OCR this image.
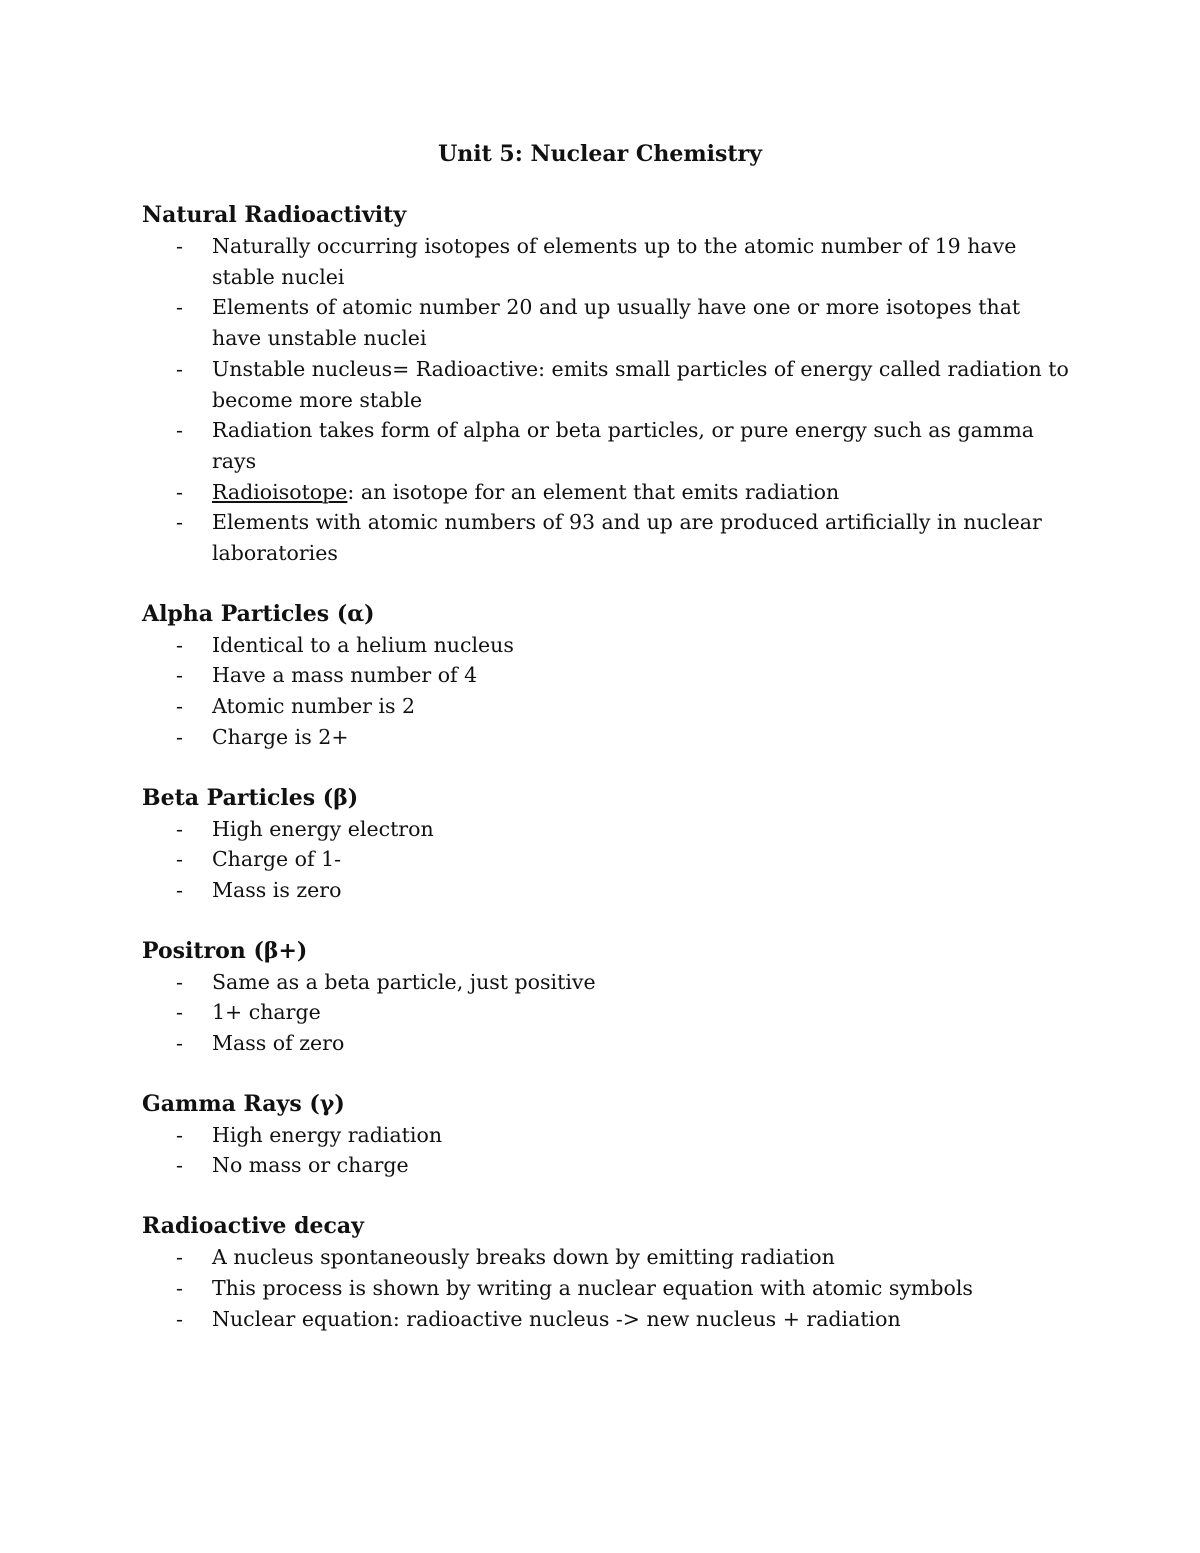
Unit 5: Nuclear Chemistry
Natural Radioactivity
- Naturally occurring isotopes of elements up to the atomic number of 19 have stable nuclei
- Elements of atomic number 20 and up usually have one or more isotopes that have unstable nuclei
- Unstable nucleus= Radioactive: emits small particles of energy called radiation to become more stable
- Radiation takes form of alpha or beta particles, or pure energy such as gamma rays
- Radioisotope: an isotope for an element that emits radiation
- Elements with atomic numbers of 93 and up are produced artificially in nuclear laboratories
Alpha Particles (α)
- Identical to a helium nucleus
- Have a mass number of 4
- Atomic number is 2
- Charge is 2+
Beta Particles (β)
- High energy electron
- Charge of 1-
- Mass is zero
Positron (β+)
- Same as a beta particle, just positive
- 1+ charge
- Mass of zero
Gamma Rays (γ)
- High energy radiation
- No mass or charge
Radioactive decay
- A nucleus spontaneously breaks down by emitting radiation
- This process is shown by writing a nuclear equation with atomic symbols
- Nuclear equation: radioactive nucleus -> new nucleus + radiation
